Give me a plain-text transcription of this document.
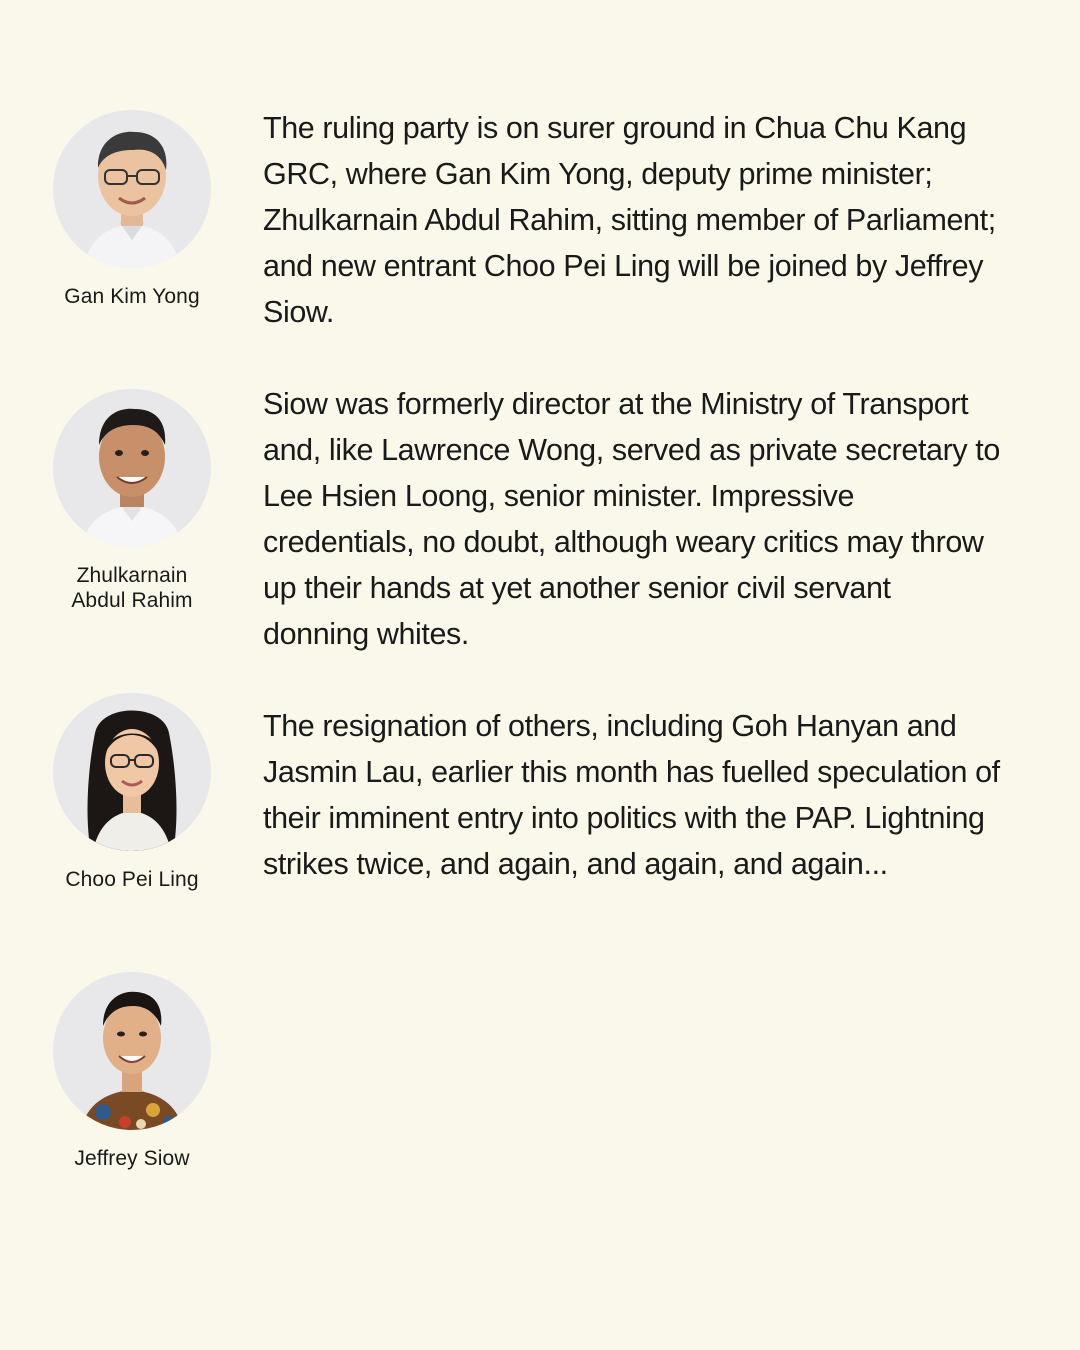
Gan Kim Yong
Zhulkarnain Abdul Rahim
Choo Pei Ling
Jeffrey Siow

The ruling party is on surer ground in Chua Chu Kang GRC, where Gan Kim Yong, deputy prime minister; Zhulkarnain Abdul Rahim, sitting member of Parliament; and new entrant Choo Pei Ling will be joined by Jeffrey Siow.

Siow was formerly director at the Ministry of Transport and, like Lawrence Wong, served as private secretary to Lee Hsien Loong, senior minister. Impressive credentials, no doubt, although weary critics may throw up their hands at yet another senior civil servant donning whites.

The resignation of others, including Goh Hanyan and Jasmin Lau, earlier this month has fuelled speculation of their imminent entry into politics with the PAP. Lightning strikes twice, and again, and again, and again...
